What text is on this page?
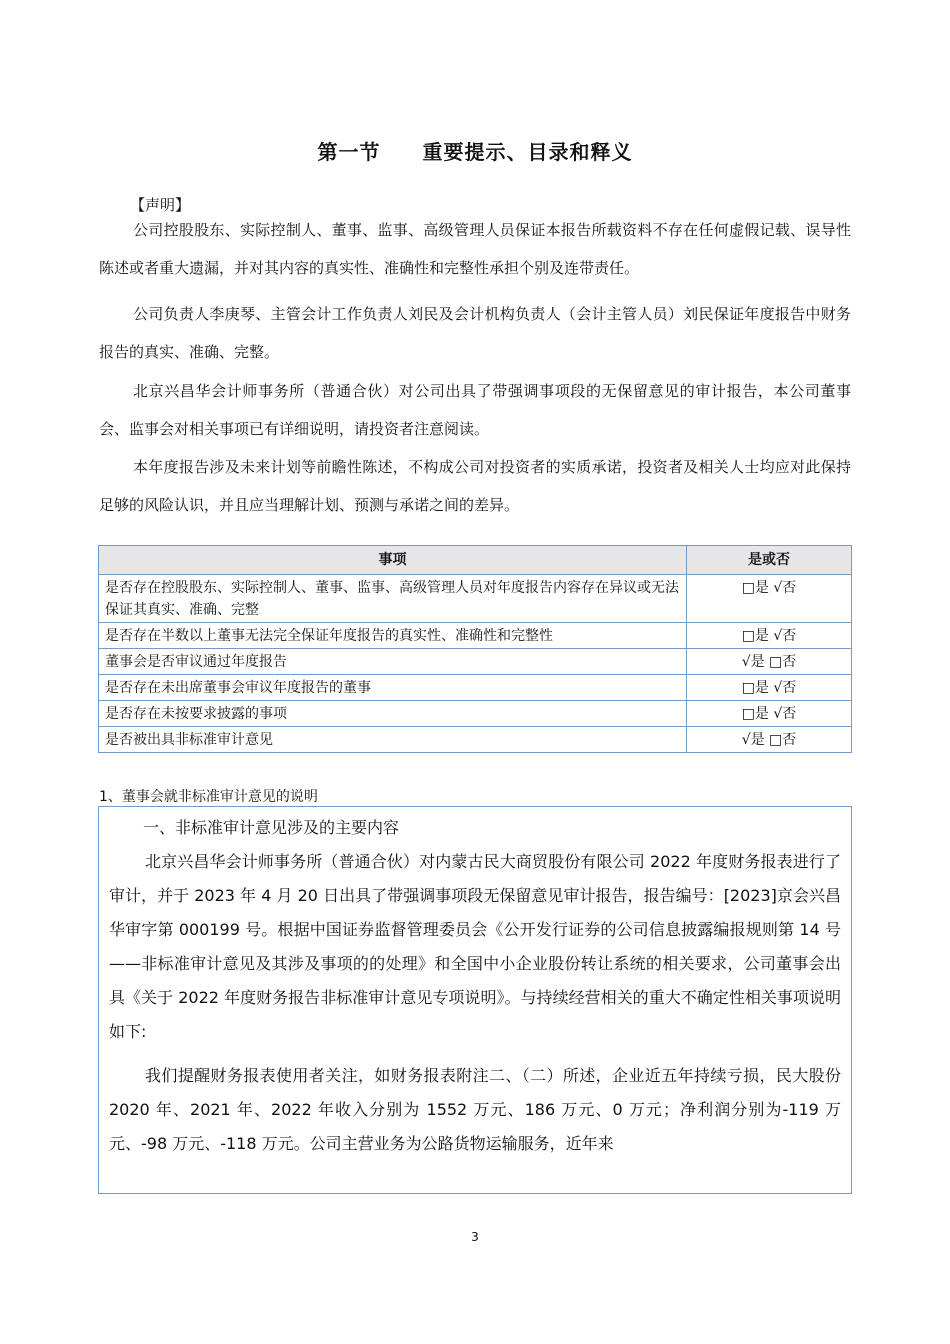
第一节　　重要提示、目录和释义
【声明】

公司控股股东、实际控制人、董事、监事、高级管理人员保证本报告所载资料不存在任何虚假记载、误导性陈述或者重大遗漏，并对其内容的真实性、准确性和完整性承担个别及连带责任。

公司负责人李庚琴、主管会计工作负责人刘民及会计机构负责人（会计主管人员）刘民保证年度报告中财务报告的真实、准确、完整。

北京兴昌华会计师事务所（普通合伙）对公司出具了带强调事项段的无保留意见的审计报告，本公司董事会、监事会对相关事项已有详细说明，请投资者注意阅读。

本年度报告涉及未来计划等前瞻性陈述，不构成公司对投资者的实质承诺，投资者及相关人士均应对此保持足够的风险认识，并且应当理解计划、预测与承诺之间的差异。

事项	是或否
是否存在控股股东、实际控制人、董事、监事、高级管理人员对年度报告内容存在异议或无法保证其真实、准确、完整	□是 √否
是否存在半数以上董事无法完全保证年度报告的真实性、准确性和完整性	□是 √否
董事会是否审议通过年度报告	√是 □否
是否存在未出席董事会审议年度报告的董事	□是 √否
是否存在未按要求披露的事项	□是 √否
是否被出具非标准审计意见	√是 □否
1、董事会就非标准审计意见的说明
一、非标准审计意见涉及的主要内容

北京兴昌华会计师事务所（普通合伙）对内蒙古民大商贸股份有限公司 2022 年度财务报表进行了审计，并于 2023 年 4 月 20 日出具了带强调事项段无保留意见审计报告，报告编号：[2023]京会兴昌华审字第 000199 号。根据中国证券监督管理委员会《公开发行证券的公司信息披露编报规则第 14 号——非标准审计意见及其涉及事项的的处理》和全国中小企业股份转让系统的相关要求，公司董事会出具《关于 2022 年度财务报告非标准审计意见专项说明》。与持续经营相关的重大不确定性相关事项说明如下:

我们提醒财务报表使用者关注，如财务报表附注二、（二）所述，企业近五年持续亏损，民大股份 2020 年、2021 年、2022 年收入分别为 1552 万元、186 万元、0 万元；净利润分别为-119 万元、-98 万元、-118 万元。公司主营业务为公路货物运输服务，近年来

3
